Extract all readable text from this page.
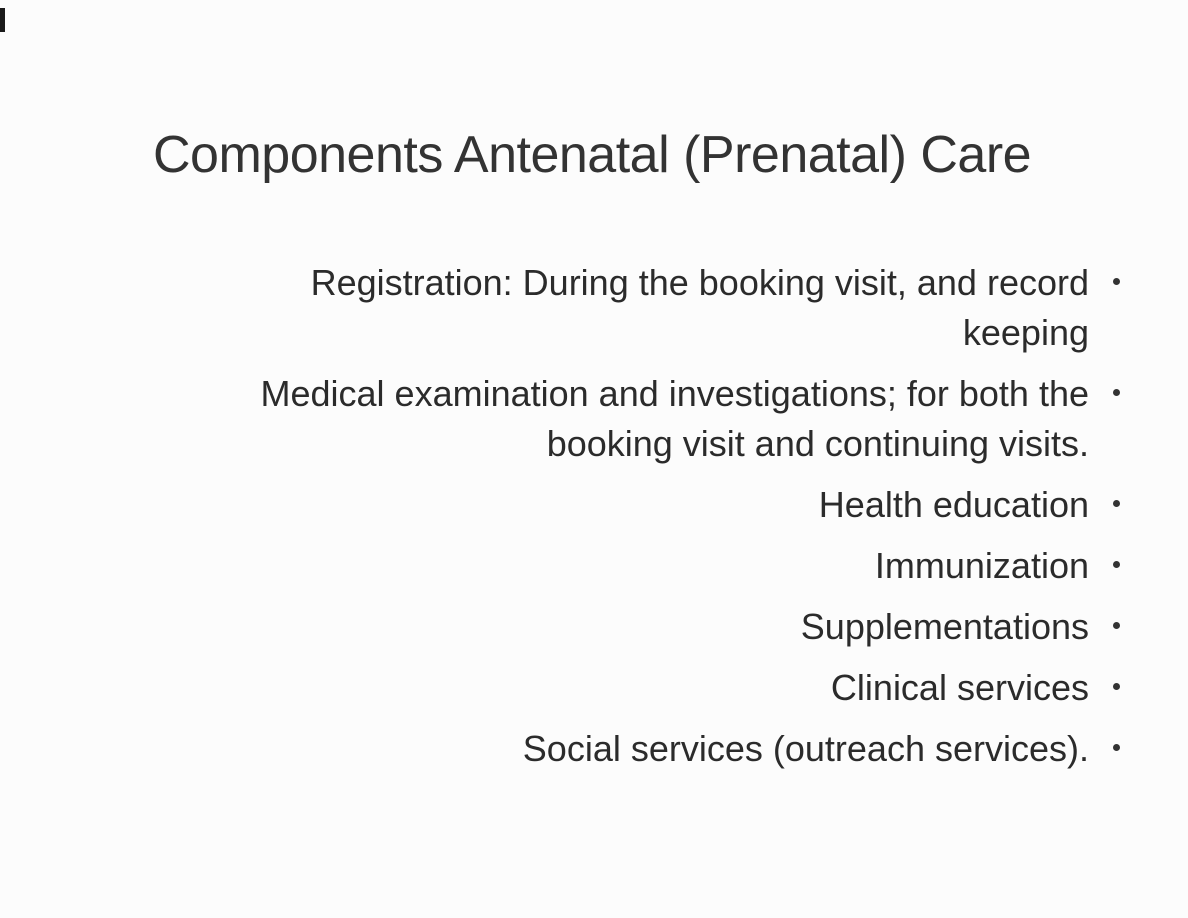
Components Antenatal (Prenatal) Care
Registration: During the booking visit, and record keeping
Medical examination and investigations; for both the booking visit and continuing visits.
Health education
Immunization
Supplementations
Clinical services
Social services (outreach services).
